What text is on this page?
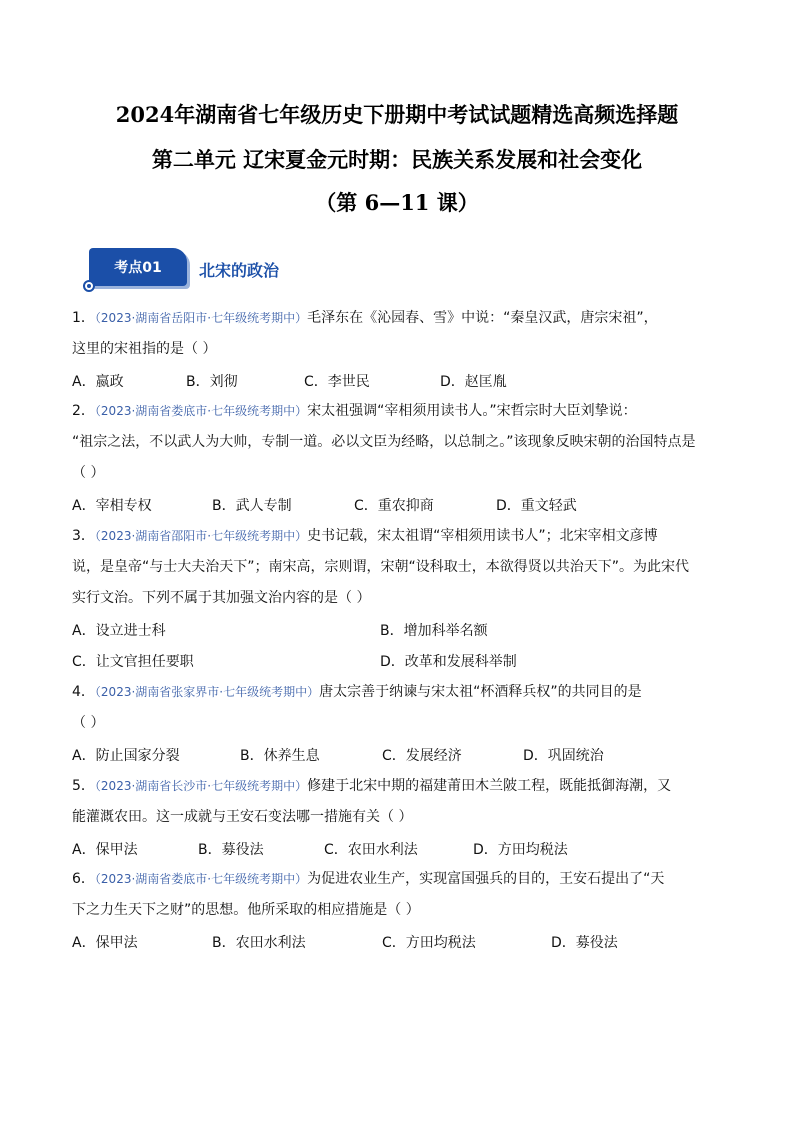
2024年湖南省七年级历史下册期中考试试题精选高频选择题
第二单元 辽宋夏金元时期：民族关系发展和社会变化
（第 6—11 课）
考点01	北宋的政治
1．（2023·湖南省岳阳市·七年级统考期中）毛泽东在《沁园春、雪》中说：“秦皇汉武，唐宗宋祖”，
这里的宋祖指的是（ ）
A．嬴政	B．刘彻	C．李世民	D．赵匡胤
2．（2023·湖南省娄底市·七年级统考期中）宋太祖强调“宰相须用读书人。”宋哲宗时大臣刘挚说：
“祖宗之法，不以武人为大帅，专制一道。必以文臣为经略，以总制之。”该现象反映宋朝的治国特点是
（ ）
A．宰相专权	B．武人专制	C．重农抑商	D．重文轻武
3．（2023·湖南省邵阳市·七年级统考期中）史书记载，宋太祖谓“宰相须用读书人”；北宋宰相文彦博
说，是皇帝“与士大夫治天下”；南宋高，宗则谓，宋朝“设科取士，本欲得贤以共治天下”。为此宋代
实行文治。下列不属于其加强文治内容的是（ ）
A．设立进士科	B．增加科举名额
C．让文官担任要职	D．改革和发展科举制
4．（2023·湖南省张家界市·七年级统考期中）唐太宗善于纳谏与宋太祖“杯酒释兵权”的共同目的是
（ ）
A．防止国家分裂	B．休养生息	C．发展经济	D．巩固统治
5．（2023·湖南省长沙市·七年级统考期中）修建于北宋中期的福建莆田木兰陂工程，既能抵御海潮，又
能灌溉农田。这一成就与王安石变法哪一措施有关（ ）
A．保甲法	B．募役法	C．农田水利法	D．方田均税法
6．（2023·湖南省娄底市·七年级统考期中）为促进农业生产，实现富国强兵的目的，王安石提出了“天
下之力生天下之财”的思想。他所采取的相应措施是（ ）
A．保甲法	B．农田水利法	C．方田均税法	D．募役法
